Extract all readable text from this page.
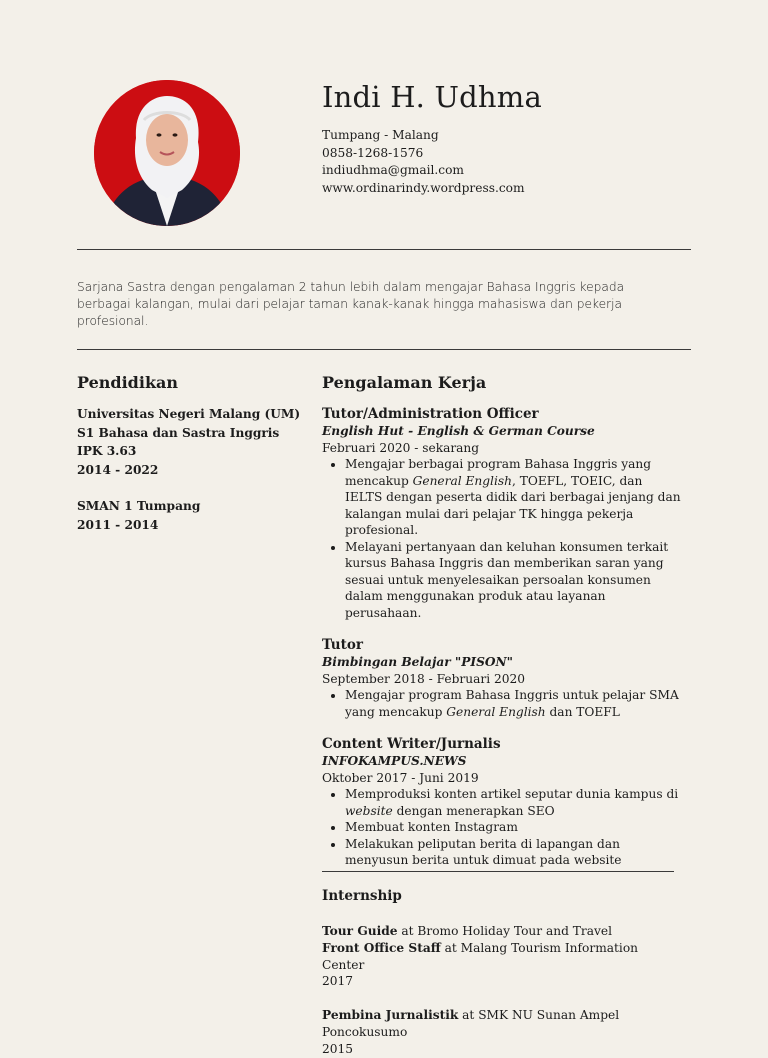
Indi H. Udhma
Tumpang - Malang
0858-1268-1576
indiudhma@gmail.com
www.ordinarindy.wordpress.com
Sarjana Sastra dengan pengalaman 2 tahun lebih dalam mengajar Bahasa Inggris kepada berbagai kalangan, mulai dari pelajar taman kanak-kanak hingga mahasiswa dan pekerja profesional.
Pendidikan
Universitas Negeri Malang (UM)
S1 Bahasa dan Sastra Inggris
IPK 3.63
2014 - 2022
SMAN 1 Tumpang
2011 - 2014
Pengalaman Kerja
Tutor/Administration Officer
English Hut - English & German Course
Februari 2020 - sekarang
• Mengajar berbagai program Bahasa Inggris yang mencakup General English, TOEFL, TOEIC, dan IELTS dengan peserta didik dari berbagai jenjang dan kalangan mulai dari pelajar TK hingga pekerja profesional.
• Melayani pertanyaan dan keluhan konsumen terkait kursus Bahasa Inggris dan memberikan saran yang sesuai untuk menyelesaikan persoalan konsumen dalam menggunakan produk atau layanan perusahaan.
Tutor
Bimbingan Belajar "PISON"
September 2018 - Februari 2020
• Mengajar program Bahasa Inggris untuk pelajar SMA yang mencakup General English dan TOEFL
Content Writer/Jurnalis
INFOKAMPUS.NEWS
Oktober 2017 - Juni 2019
• Memproduksi konten artikel seputar dunia kampus di website dengan menerapkan SEO
• Membuat konten Instagram
• Melakukan peliputan berita di lapangan dan menyusun berita untuk dimuat pada website
Internship
Tour Guide at Bromo Holiday Tour and Travel
Front Office Staff at Malang Tourism Information Center
2017
Pembina Jurnalistik at SMK NU Sunan Ampel Poncokusumo
2015
